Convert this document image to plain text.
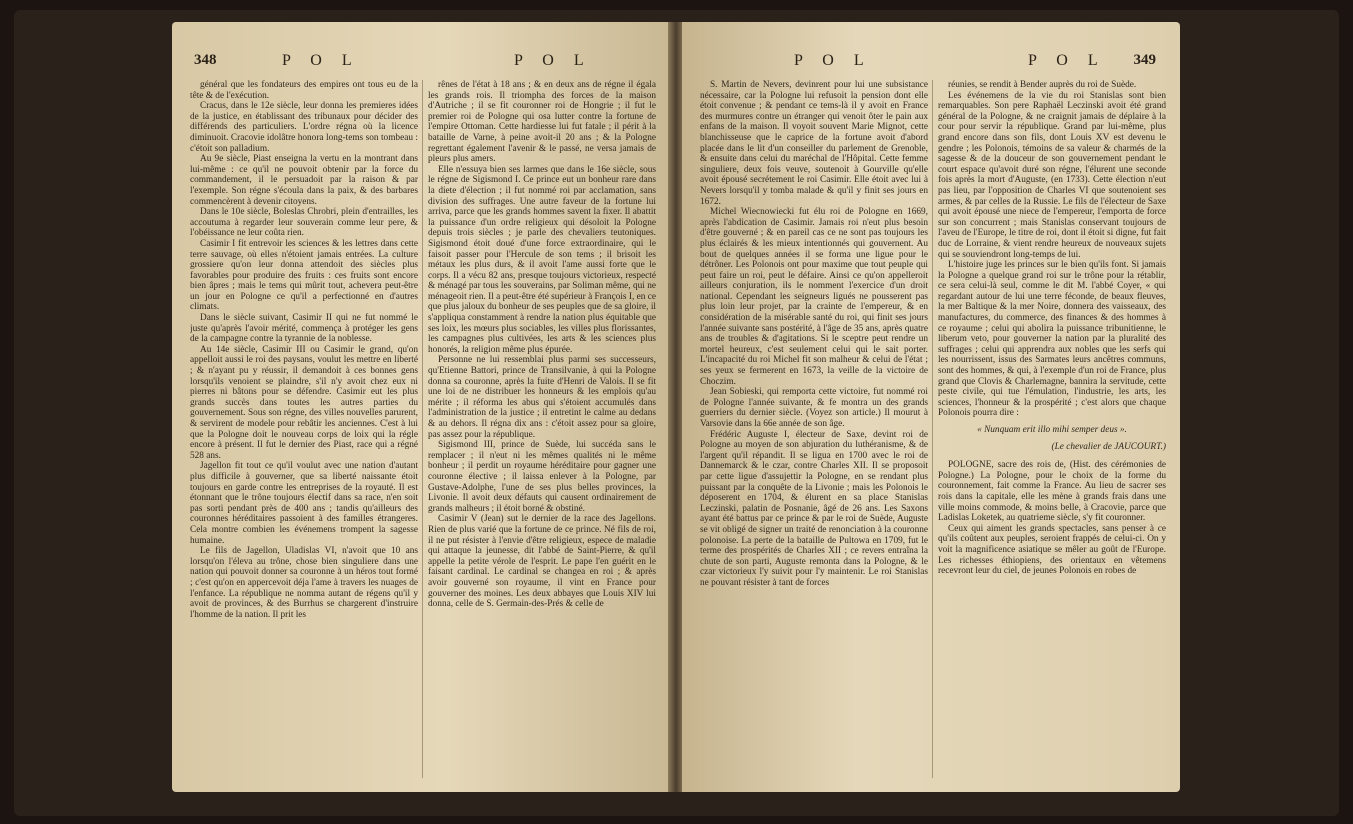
348	P O L	P O L

général que les fondateurs des empires ont tous eu de la tête & de l'exécution.

Cracus, dans le 12e siècle, leur donna les premieres idées de la justice, en établissant des tribunaux pour décider des différends des particuliers. L'ordre régna où la licence diminuoit. Cracovie idolâtre honora long-tems son tombeau : c'étoit son palladium.

Au 9e siècle, Piast enseigna la vertu en la montrant dans lui-même : ce qu'il ne pouvoit obtenir par la force du commandement, il le persuadoit par la raison & par l'exemple. Son régne s'écoula dans la paix, & des barbares commencèrent à devenir citoyens.

Dans le 10e siècle, Boleslas Chrobri, plein d'entrailles, les accoutuma à regarder leur souverain comme leur pere, & l'obéissance ne leur coûta rien.

Casimir I fit entrevoir les sciences & les lettres dans cette terre sauvage, où elles n'étoient jamais entrées. La culture grossiere qu'on leur donna attendoit des siècles plus favorables pour produire des fruits : ces fruits sont encore bien âpres ; mais le tems qui mûrit tout, achevera peut-être un jour en Pologne ce qu'il a perfectionné en d'autres climats.

Dans le siècle suivant, Casimir II qui ne fut nommé le juste qu'après l'avoir mérité, commença à protéger les gens de la campagne contre la tyrannie de la noblesse.

Au 14e siècle, Casimir III ou Casimir le grand, qu'on appelloit aussi le roi des paysans, voulut les mettre en liberté ; & n'ayant pu y réussir, il demandoit à ces bonnes gens lorsqu'ils venoient se plaindre, s'il n'y avoit chez eux ni pierres ni bâtons pour se défendre. Casimir eut les plus grands succès dans toutes les autres parties du gouvernement. Sous son régne, des villes nouvelles parurent, & servirent de modele pour rebâtir les anciennes. C'est à lui que la Pologne doit le nouveau corps de loix qui la régle encore à présent. Il fut le dernier des Piast, race qui a régné 528 ans.

Jagellon fit tout ce qu'il voulut avec une nation d'autant plus difficile à gouverner, que sa liberté naissante étoit toujours en garde contre les entreprises de la royauté. Il est étonnant que le trône toujours électif dans sa race, n'en soit pas sorti pendant près de 400 ans ; tandis qu'ailleurs des couronnes héréditaires passoient à des familles étrangeres. Cela montre combien les événemens trompent la sagesse humaine.

Le fils de Jagellon, Uladislas VI, n'avoit que 10 ans lorsqu'on l'éleva au trône, chose bien singuliere dans une nation qui pouvoit donner sa couronne à un héros tout formé ; c'est qu'on en appercevoit déja l'ame à travers les nuages de l'enfance. La république ne nomma autant de régens qu'il y avoit de provinces, & des Burrhus se chargerent d'instruire l'homme de la nation. Il prit les

rênes de l'état à 18 ans ; & en deux ans de régne il égala les grands rois. Il triompha des forces de la maison d'Autriche ; il se fit couronner roi de Hongrie ; il fut le premier roi de Pologne qui osa lutter contre la fortune de l'empire Ottoman. Cette hardiesse lui fut fatale ; il périt à la bataille de Varne, à peine avoit-il 20 ans ; & la Pologne regrettant également l'avenir & le passé, ne versa jamais de pleurs plus amers.

Elle n'essuya bien ses larmes que dans le 16e siècle, sous le régne de Sigismond I. Ce prince eut un bonheur rare dans la diete d'élection ; il fut nommé roi par acclamation, sans division des suffrages. Une autre faveur de la fortune lui arriva, parce que les grands hommes savent la fixer. Il abattit la puissance d'un ordre religieux qui désoloit la Pologne depuis trois siècles ; je parle des chevaliers teutoniques. Sigismond étoit doué d'une force extraordinaire, qui le faisoit passer pour l'Hercule de son tems ; il brisoit les métaux les plus durs, & il avoit l'ame aussi forte que le corps. Il a vécu 82 ans, presque toujours victorieux, respecté & ménagé par tous les souverains, par Soliman même, qui ne ménageoit rien. Il a peut-être été supérieur à François I, en ce que plus jaloux du bonheur de ses peuples que de sa gloire, il s'appliqua constamment à rendre la nation plus équitable que ses loix, les mœurs plus sociables, les villes plus florissantes, les campagnes plus cultivées, les arts & les sciences plus honorés, la religion même plus épurée.

Personne ne lui ressemblai plus parmi ses successeurs, qu'Etienne Battori, prince de Transilvanie, à qui la Pologne donna sa couronne, après la fuite d'Henri de Valois. Il se fit une loi de ne distribuer les honneurs & les emplois qu'au mérite ; il réforma les abus qui s'étoient accumulés dans l'administration de la justice ; il entretint le calme au dedans & au dehors. Il régna dix ans : c'étoit assez pour sa gloire, pas assez pour la république.

Sigismond III, prince de Suède, lui succéda sans le remplacer ; il n'eut ni les mêmes qualités ni le même bonheur ; il perdit un royaume héréditaire pour gagner une couronne élective ; il laissa enlever à la Pologne, par Gustave-Adolphe, l'une de ses plus belles provinces, la Livonie. Il avoit deux défauts qui causent ordinairement de grands malheurs ; il étoit borné & obstiné.

Casimir V (Jean) sut le dernier de la race des Jagellons. Rien de plus varié que la fortune de ce prince. Né fils de roi, il ne put résister à l'envie d'être religieux, espece de maladie qui attaque la jeunesse, dit l'abbé de Saint-Pierre, & qu'il appelle la petite vérole de l'esprit. Le pape l'en guérit en le faisant cardinal. Le cardinal se changea en roi ; & après avoir gouverné son royaume, il vint en France pour gouverner des moines. Les deux abbayes que Louis XIV lui donna, celle de S. Germain-des-Prés & celle de

P O L	P O L 349

S. Martin de Nevers, devinrent pour lui une subsistance nécessaire, car la Pologne lui refusoit la pension dont elle étoit convenue ; & pendant ce tems-là il y avoit en France des murmures contre un étranger qui venoit ôter le pain aux enfans de la maison. Il voyoit souvent Marie Mignot, cette blanchisseuse que le caprice de la fortune avoit d'abord placée dans le lit d'un conseiller du parlement de Grenoble, & ensuite dans celui du maréchal de l'Hôpital. Cette femme singuliere, deux fois veuve, soutenoit à Gourville qu'elle avoit épousé secrétement le roi Casimir. Elle étoit avec lui à Nevers lorsqu'il y tomba malade & qu'il y finit ses jours en 1672.

Michel Wiecnowiecki fut élu roi de Pologne en 1669, après l'abdication de Casimir. Jamais roi n'eut plus besoin d'être gouverné ; & en pareil cas ce ne sont pas toujours les plus éclairés & les mieux intentionnés qui gouvernent. Au bout de quelques années il se forma une ligue pour le détrôner. Les Polonois ont pour maxime que tout peuple qui peut faire un roi, peut le défaire. Ainsi ce qu'on appelleroit ailleurs conjuration, ils le nomment l'exercice d'un droit national. Cependant les seigneurs ligués ne pousserent pas plus loin leur projet, par la crainte de l'empereur, & en considération de la misérable santé du roi, qui finit ses jours l'année suivante sans postérité, à l'âge de 35 ans, après quatre ans de troubles & d'agitations. Si le sceptre peut rendre un mortel heureux, c'est seulement celui qui le sait porter. L'incapacité du roi Michel fit son malheur & celui de l'état ; ses yeux se fermerent en 1673, la veille de la victoire de Choczim.

Jean Sobieski, qui remporta cette victoire, fut nommé roi de Pologne l'année suivante, & fe montra un des grands guerriers du dernier siècle. (Voyez son article.) Il mourut à Varsovie dans la 66e année de son âge.

Frédéric Auguste I, électeur de Saxe, devint roi de Pologne au moyen de son abjuration du luthéranisme, & de l'argent qu'il répandit. Il se ligua en 1700 avec le roi de Dannemarck & le czar, contre Charles XII. Il se proposoit par cette ligue d'assujettir la Pologne, en se rendant plus puissant par la conquête de la Livonie ; mais les Polonois le déposerent en 1704, & élurent en sa place Stanislas Leczinski, palatin de Posnanie, âgé de 26 ans. Les Saxons ayant été battus par ce prince & par le roi de Suède, Auguste se vit obligé de signer un traité de renonciation à la couronne polonoise. La perte de la bataille de Pultowa en 1709, fut le terme des prospérités de Charles XII ; ce revers entraîna la chute de son parti, Auguste remonta dans la Pologne, & le czar victorieux l'y suivit pour l'y maintenir. Le roi Stanislas ne pouvant résister à tant de forces

réunies, se rendit à Bender auprès du roi de Suède.

Les événemens de la vie du roi Stanislas sont bien remarquables. Son pere Raphaël Leczinski avoit été grand général de la Pologne, & ne craignit jamais de déplaire à la cour pour servir la république. Grand par lui-même, plus grand encore dans son fils, dont Louis XV est devenu le gendre ; les Polonois, témoins de sa valeur & charmés de la sagesse & de la douceur de son gouvernement pendant le court espace qu'avoit duré son régne, l'élurent une seconde fois après la mort d'Auguste, (en 1733). Cette élection n'eut pas lieu, par l'opposition de Charles VI que soutenoient ses armes, & par celles de la Russie. Le fils de l'électeur de Saxe qui avoit épousé une niece de l'empereur, l'emporta de force sur son concurrent ; mais Stanislas conservant toujours de l'aveu de l'Europe, le titre de roi, dont il étoit si digne, fut fait duc de Lorraine, & vient rendre heureux de nouveaux sujets qui se souviendront long-temps de lui.

L'histoire juge les princes sur le bien qu'ils font. Si jamais la Pologne a quelque grand roi sur le trône pour la rétablir, ce sera celui-là seul, comme le dit M. l'abbé Coyer, « qui regardant autour de lui une terre féconde, de beaux fleuves, la mer Baltique & la mer Noire, donnera des vaisseaux, des manufactures, du commerce, des finances & des hommes à ce royaume ; celui qui abolira la puissance tribunitienne, le liberum veto, pour gouverner la nation par la pluralité des suffrages ; celui qui apprendra aux nobles que les serfs qui les nourrissent, issus des Sarmates leurs ancêtres communs, sont des hommes, & qui, à l'exemple d'un roi de France, plus grand que Clovis & Charlemagne, bannira la servitude, cette peste civile, qui tue l'émulation, l'industrie, les arts, les sciences, l'honneur & la prospérité ; c'est alors que chaque Polonois pourra dire :

« Nunquam erit illo mihi semper deus ».

(Le chevalier de JAUCOURT.)

POLOGNE, sacre des rois de, (Hist. des cérémonies de Pologne.) La Pologne, pour le choix de la forme du couronnement, fait comme la France. Au lieu de sacrer ses rois dans la capitale, elle les mène à grands frais dans une ville moins commode, & moins belle, à Cracovie, parce que Ladislas Loketek, au quatrieme siècle, s'y fit couronner.

Ceux qui aiment les grands spectacles, sans penser à ce qu'ils coûtent aux peuples, seroient frappés de celui-ci. On y voit la magnificence asiatique se mêler au goût de l'Europe. Les richesses éthiopiens, des orientaux en vêtemens recevront leur du ciel, de jeunes Polonois en robes de
